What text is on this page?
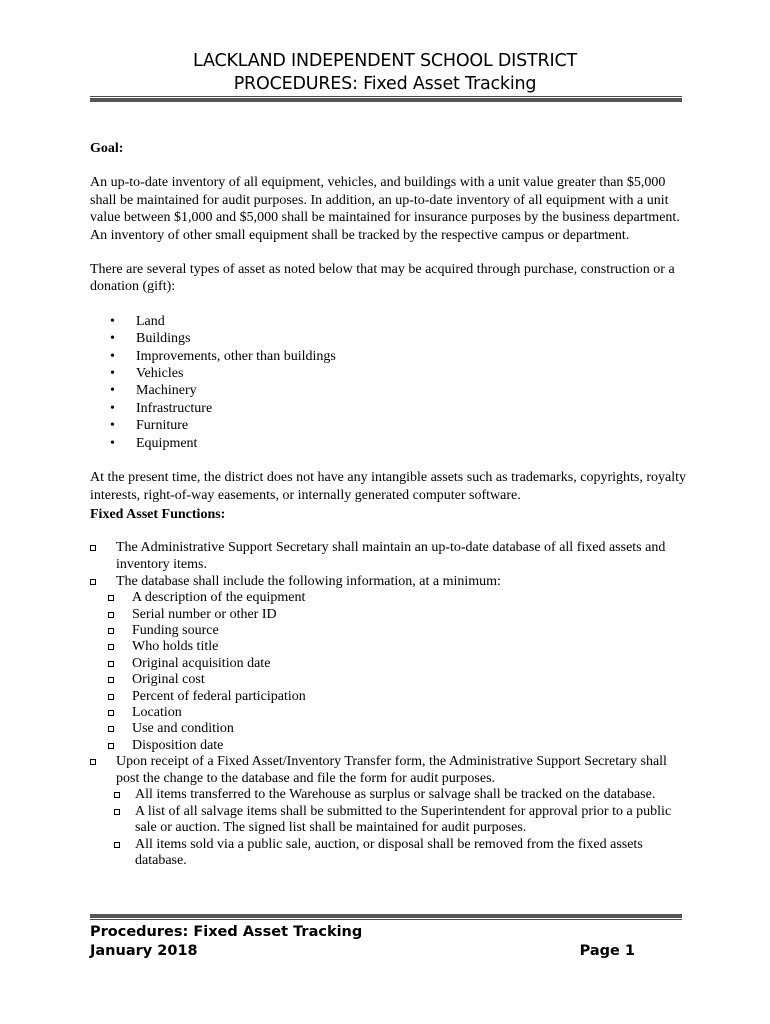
LACKLAND INDEPENDENT SCHOOL DISTRICT
PROCEDURES: Fixed Asset Tracking

Goal:

An up-to-date inventory of all equipment, vehicles, and buildings with a unit value greater than $5,000 shall be maintained for audit purposes. In addition, an up-to-date inventory of all equipment with a unit value between $1,000 and $5,000 shall be maintained for insurance purposes by the business department. An inventory of other small equipment shall be tracked by the respective campus or department.

There are several types of asset as noted below that may be acquired through purchase, construction or a donation (gift):

• Land
• Buildings
• Improvements, other than buildings
• Vehicles
• Machinery
• Infrastructure
• Furniture
• Equipment

At the present time, the district does not have any intangible assets such as trademarks, copyrights, royalty interests, right-of-way easements, or internally generated computer software.

Fixed Asset Functions:

The Administrative Support Secretary shall maintain an up-to-date database of all fixed assets and inventory items.
The database shall include the following information, at a minimum:
A description of the equipment
Serial number or other ID
Funding source
Who holds title
Original acquisition date
Original cost
Percent of federal participation
Location
Use and condition
Disposition date
Upon receipt of a Fixed Asset/Inventory Transfer form, the Administrative Support Secretary shall post the change to the database and file the form for audit purposes.
All items transferred to the Warehouse as surplus or salvage shall be tracked on the database.
A list of all salvage items shall be submitted to the Superintendent for approval prior to a public sale or auction. The signed list shall be maintained for audit purposes.
All items sold via a public sale, auction, or disposal shall be removed from the fixed assets database.
Procedures: Fixed Asset Tracking
January 2018	Page 1
